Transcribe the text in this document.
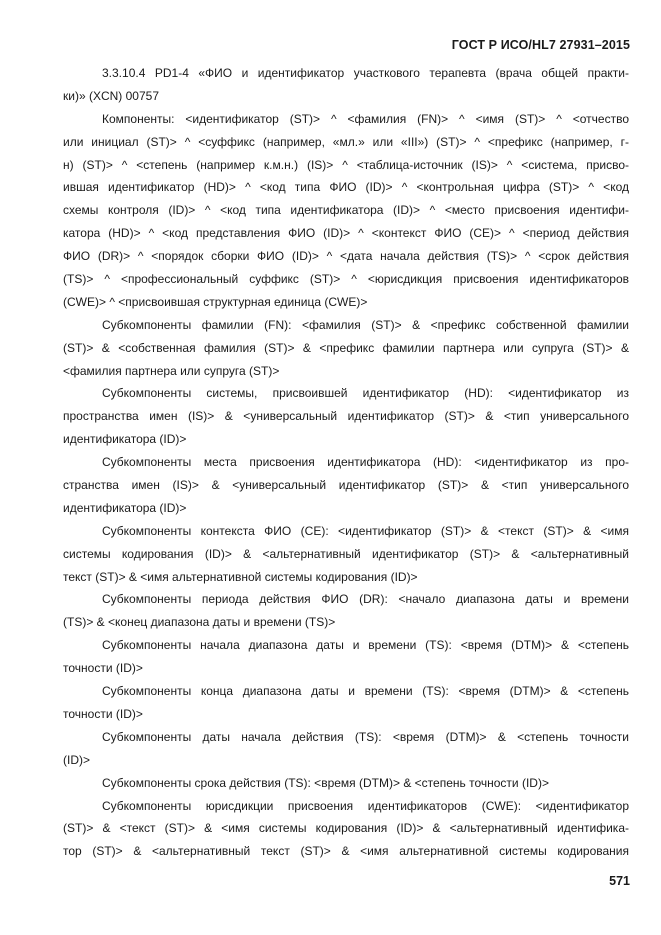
ГОСТ Р ИСО/HL7 27931–2015
3.3.10.4 PD1-4 «ФИО и идентификатор участкового терапевта (врача общей практи-
ки)» (XCN) 00757
Компоненты: <идентификатор (ST)> ^ <фамилия (FN)> ^ <имя (ST)> ^ <отчество
или инициал (ST)> ^ <суффикс (например, «мл.» или «III») (ST)> ^ <префикс (например, г-
н) (ST)> ^ <степень (например к.м.н.) (IS)> ^ <таблица-источник (IS)> ^ <система, присво-
ившая идентификатор (HD)> ^ <код типа ФИО (ID)> ^ <контрольная цифра (ST)> ^ <код
схемы контроля (ID)> ^ <код типа идентификатора (ID)> ^ <место присвоения идентифи-
катора (HD)> ^ <код представления ФИО (ID)> ^ <контекст ФИО (CE)> ^ <период действия
ФИО (DR)> ^ <порядок сборки ФИО (ID)> ^ <дата начала действия (TS)> ^ <срок действия
(TS)> ^ <профессиональный суффикс (ST)> ^ <юрисдикция присвоения идентификаторов
(CWE)> ^ <присвоившая структурная единица (CWE)>
Субкомпоненты фамилии (FN): <фамилия (ST)> & <префикс собственной фамилии
(ST)> & <собственная фамилия (ST)> & <префикс фамилии партнера или супруга (ST)> &
<фамилия партнера или супруга (ST)>
Субкомпоненты системы, присвоившей идентификатор (HD): <идентификатор из
пространства имен (IS)> & <универсальный идентификатор (ST)> & <тип универсального
идентификатора (ID)>
Субкомпоненты места присвоения идентификатора (HD): <идентификатор из про-
странства имен (IS)> & <универсальный идентификатор (ST)> & <тип универсального
идентификатора (ID)>
Субкомпоненты контекста ФИО (CE): <идентификатор (ST)> & <текст (ST)> & <имя
системы кодирования (ID)> & <альтернативный идентификатор (ST)> & <альтернативный
текст (ST)> & <имя альтернативной системы кодирования (ID)>
Субкомпоненты периода действия ФИО (DR): <начало диапазона даты и времени
(TS)> & <конец диапазона даты и времени (TS)>
Субкомпоненты начала диапазона даты и времени (TS): <время (DTM)> & <степень
точности (ID)>
Субкомпоненты конца диапазона даты и времени (TS): <время (DTM)> & <степень
точности (ID)>
Субкомпоненты даты начала действия (TS): <время (DTM)> & <степень точности
(ID)>
Субкомпоненты срока действия (TS): <время (DTM)> & <степень точности (ID)>
Субкомпоненты юрисдикции присвоения идентификаторов (CWE): <идентификатор
(ST)> & <текст (ST)> & <имя системы кодирования (ID)> & <альтернативный идентифика-
тор (ST)> & <альтернативный текст (ST)> & <имя альтернативной системы кодирования
571
